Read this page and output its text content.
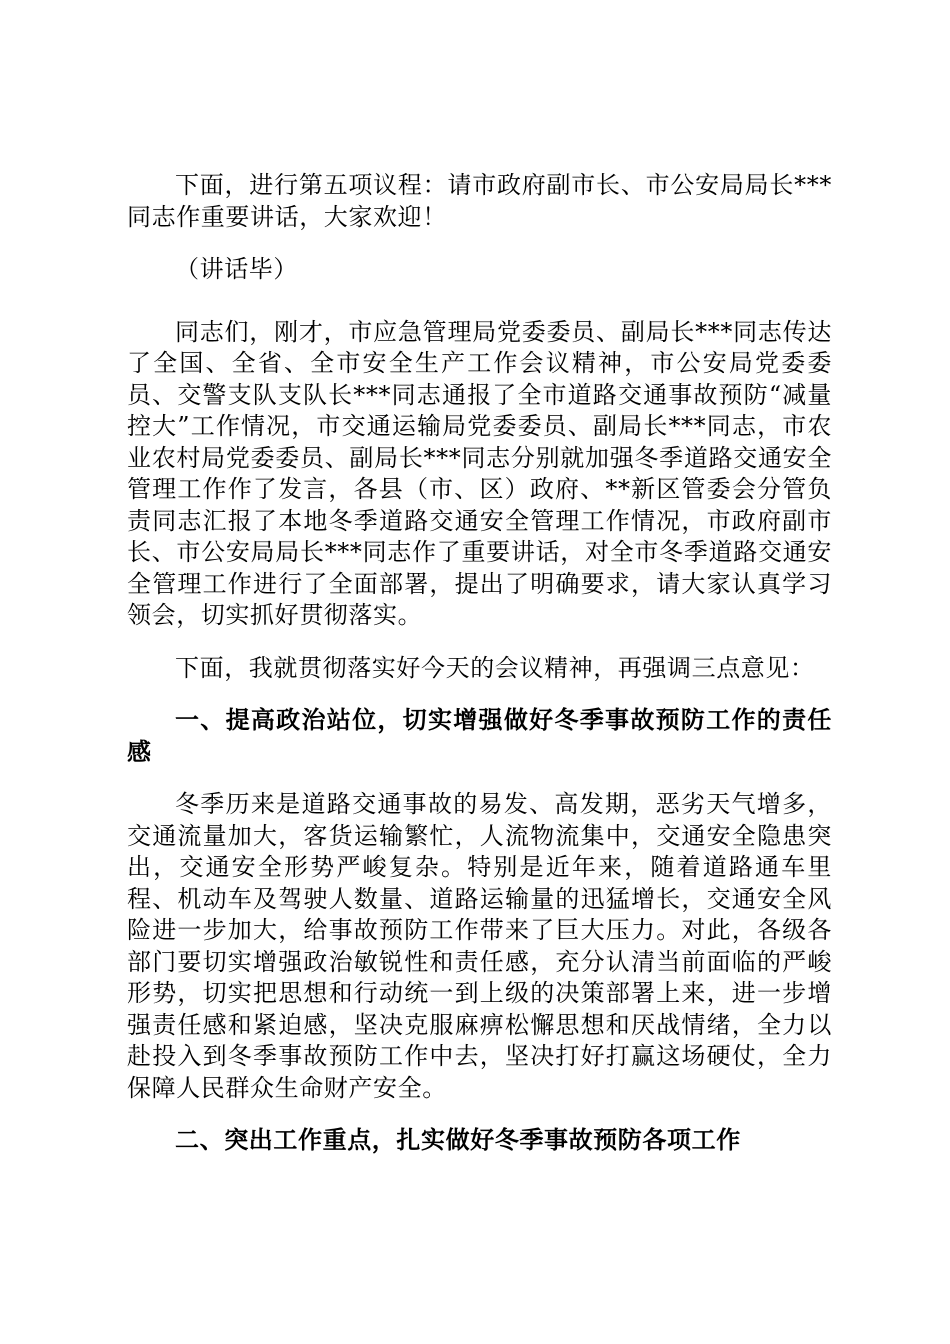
下面，进行第五项议程：请市政府副市长、市公安局局长***同志作重要讲话，大家欢迎！

（讲话毕）

同志们，刚才，市应急管理局党委委员、副局长***同志传达了全国、全省、全市安全生产工作会议精神，市公安局党委委员、交警支队支队长***同志通报了全市道路交通事故预防“减量控大”工作情况，市交通运输局党委委员、副局长***同志，市农业农村局党委委员、副局长***同志分别就加强冬季道路交通安全管理工作作了发言，各县（市、区）政府、**新区管委会分管负责同志汇报了本地冬季道路交通安全管理工作情况，市政府副市长、市公安局局长***同志作了重要讲话，对全市冬季道路交通安全管理工作进行了全面部署，提出了明确要求，请大家认真学习领会，切实抓好贯彻落实。

下面，我就贯彻落实好今天的会议精神，再强调三点意见：

一、提高政治站位，切实增强做好冬季事故预防工作的责任感

冬季历来是道路交通事故的易发、高发期，恶劣天气增多，交通流量加大，客货运输繁忙，人流物流集中，交通安全隐患突出，交通安全形势严峻复杂。特别是近年来，随着道路通车里程、机动车及驾驶人数量、道路运输量的迅猛增长，交通安全风险进一步加大，给事故预防工作带来了巨大压力。对此，各级各部门要切实增强政治敏锐性和责任感，充分认清当前面临的严峻形势，切实把思想和行动统一到上级的决策部署上来，进一步增强责任感和紧迫感，坚决克服麻痹松懈思想和厌战情绪，全力以赴投入到冬季事故预防工作中去，坚决打好打赢这场硬仗，全力保障人民群众生命财产安全。

二、突出工作重点，扎实做好冬季事故预防各项工作
